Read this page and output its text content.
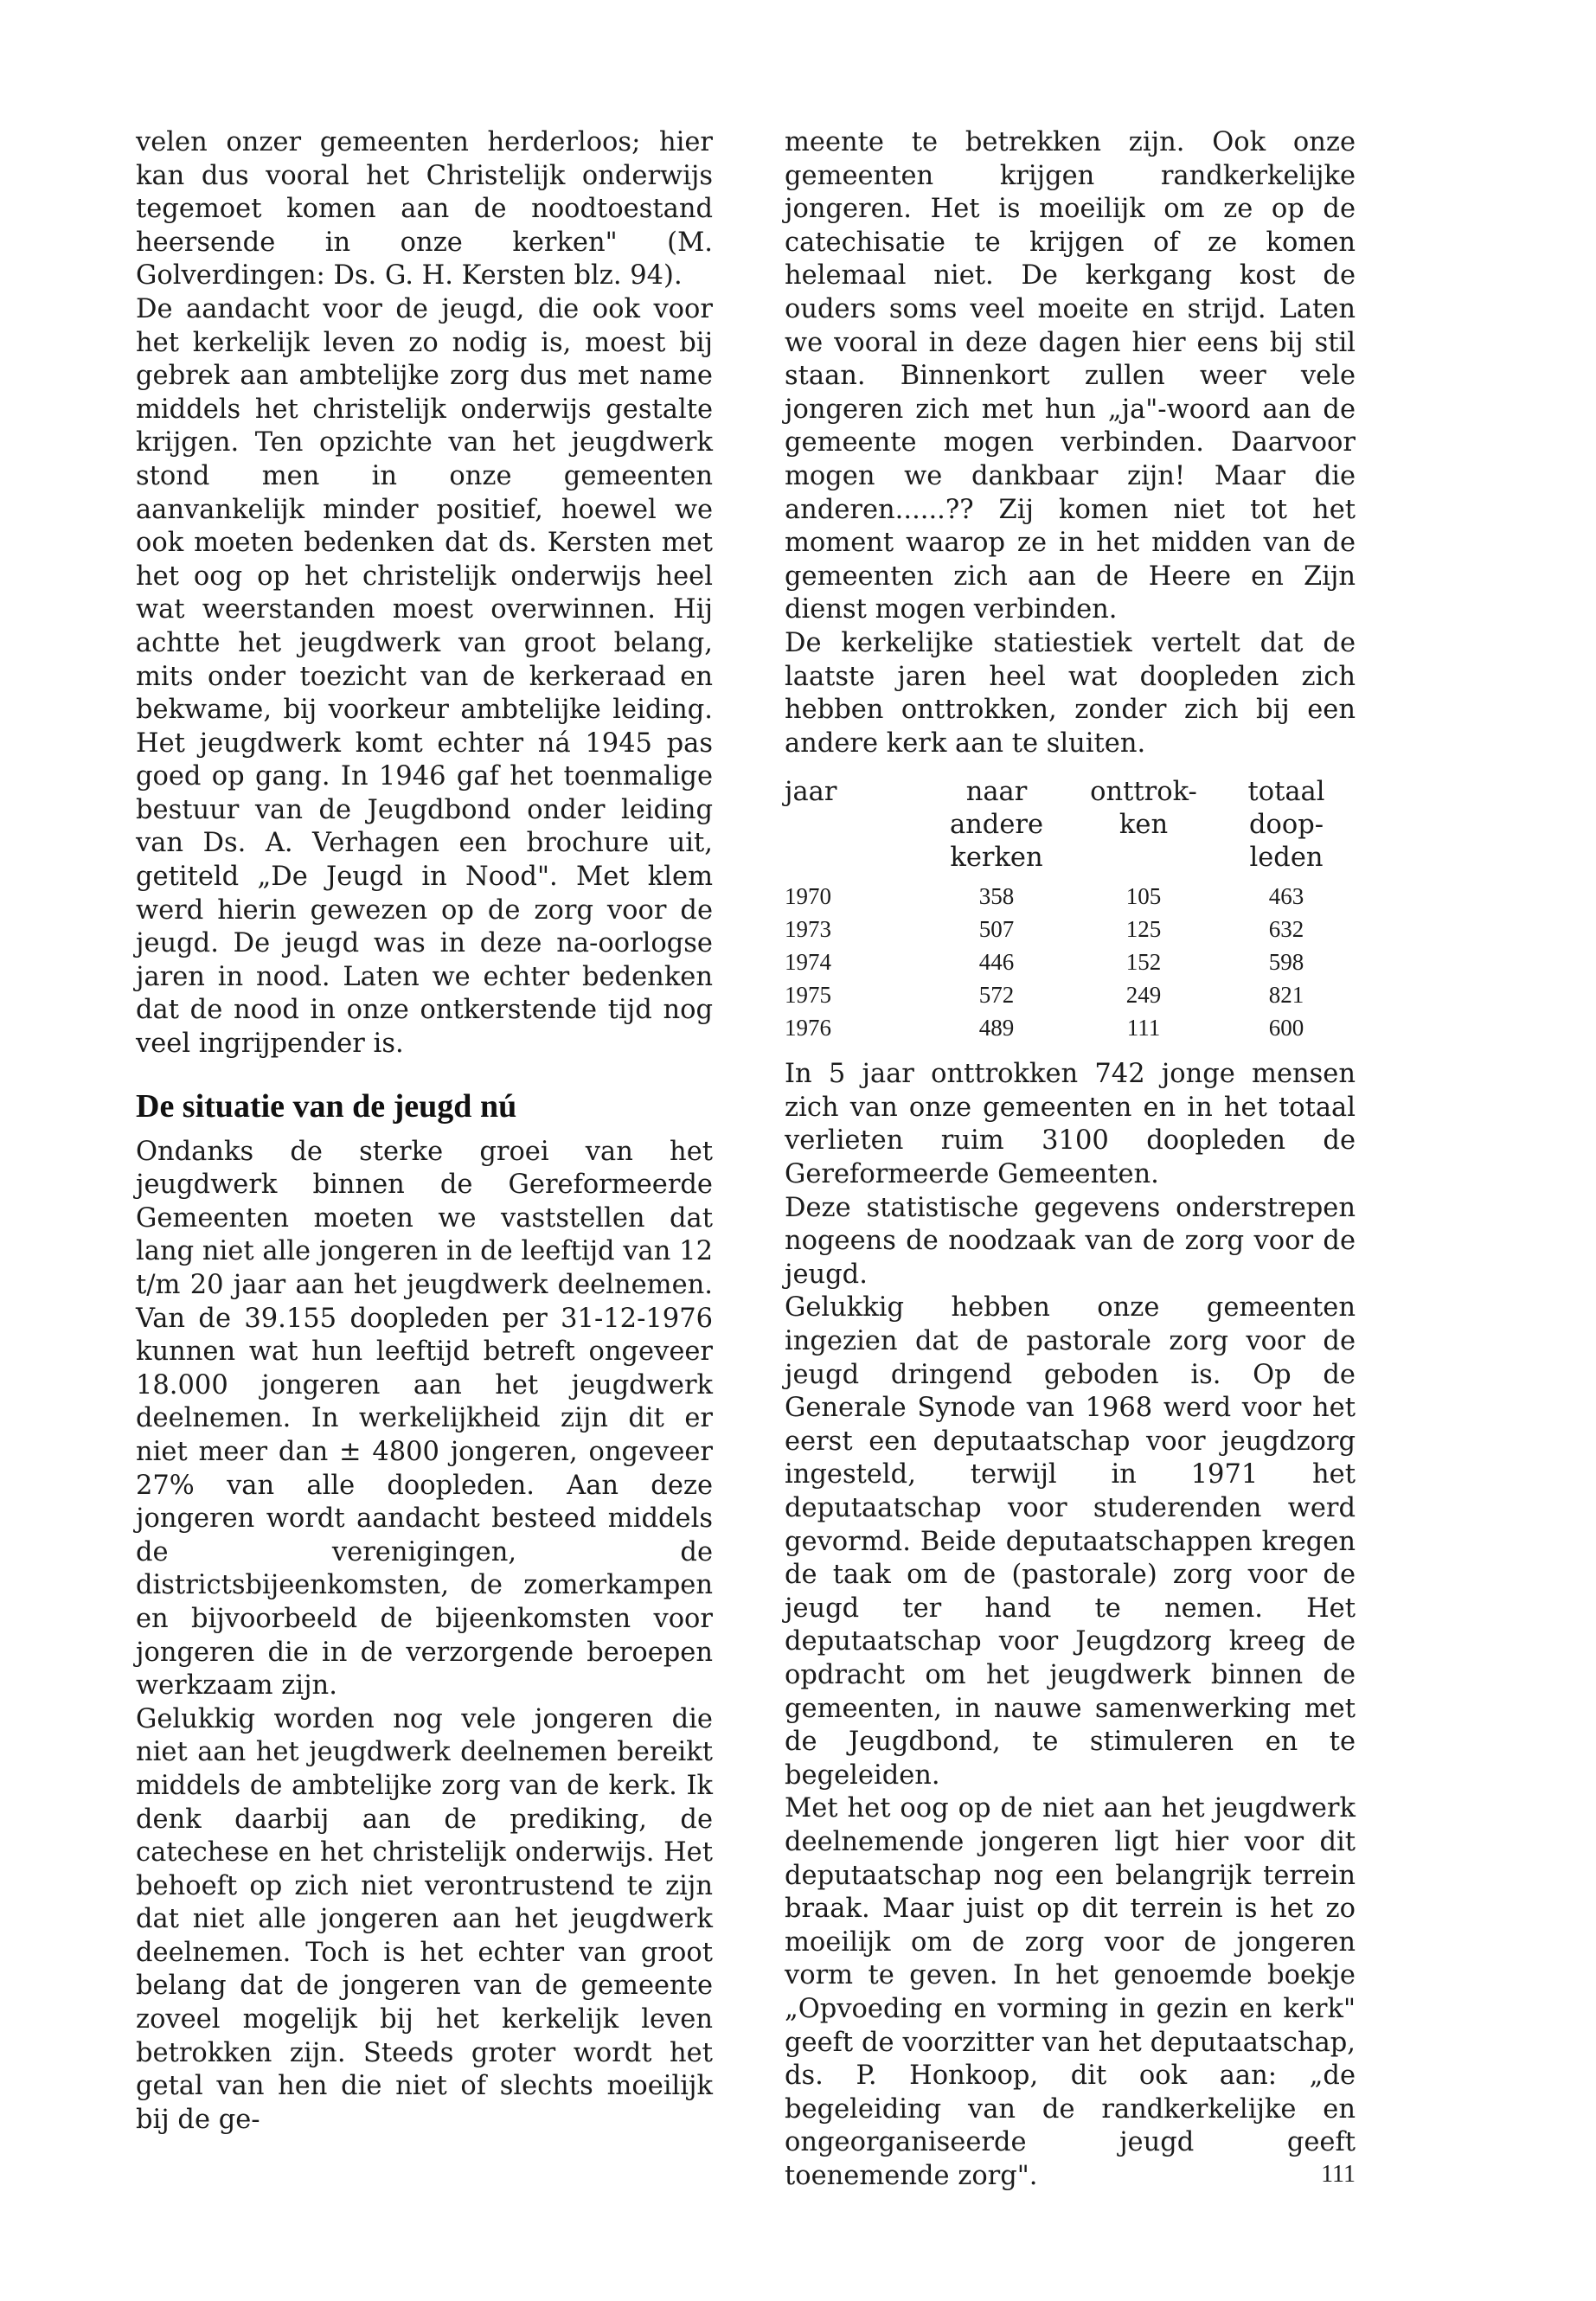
velen onzer gemeenten herderloos; hier kan dus vooral het Christelijk onderwijs tegemoet komen aan de noodtoestand heersende in onze kerken" (M. Golverdingen: Ds. G. H. Kersten blz. 94).

De aandacht voor de jeugd, die ook voor het kerkelijk leven zo nodig is, moest bij gebrek aan ambtelijke zorg dus met name middels het christelijk onderwijs gestalte krijgen. Ten opzichte van het jeugdwerk stond men in onze gemeenten aanvankelijk minder positief, hoewel we ook moeten bedenken dat ds. Kersten met het oog op het christelijk onderwijs heel wat weerstanden moest overwinnen. Hij achtte het jeugdwerk van groot belang, mits onder toezicht van de kerkeraad en bekwame, bij voorkeur ambtelijke leiding. Het jeugdwerk komt echter ná 1945 pas goed op gang. In 1946 gaf het toenmalige bestuur van de Jeugdbond onder leiding van Ds. A. Verhagen een brochure uit, getiteld „De Jeugd in Nood". Met klem werd hierin gewezen op de zorg voor de jeugd. De jeugd was in deze na-oorlogse jaren in nood. Laten we echter bedenken dat de nood in onze ontkerstende tijd nog veel ingrijpender is.

De situatie van de jeugd nú

Ondanks de sterke groei van het jeugdwerk binnen de Gereformeerde Gemeenten moeten we vaststellen dat lang niet alle jongeren in de leeftijd van 12 t/m 20 jaar aan het jeugdwerk deelnemen. Van de 39.155 doopleden per 31-12-1976 kunnen wat hun leeftijd betreft ongeveer 18.000 jongeren aan het jeugdwerk deelnemen. In werkelijkheid zijn dit er niet meer dan ± 4800 jongeren, ongeveer 27% van alle doopleden. Aan deze jongeren wordt aandacht besteed middels de verenigingen, de districtsbijeenkomsten, de zomerkampen en bijvoorbeeld de bijeenkomsten voor jongeren die in de verzorgende beroepen werkzaam zijn.

Gelukkig worden nog vele jongeren die niet aan het jeugdwerk deelnemen bereikt middels de ambtelijke zorg van de kerk. Ik denk daarbij aan de prediking, de catechese en het christelijk onderwijs. Het behoeft op zich niet verontrustend te zijn dat niet alle jongeren aan het jeugdwerk deelnemen. Toch is het echter van groot belang dat de jongeren van de gemeente zoveel mogelijk bij het kerkelijk leven betrokken zijn. Steeds groter wordt het getal van hen die niet of slechts moeilijk bij de ge-

meente te betrekken zijn. Ook onze gemeenten krijgen randkerkelijke jongeren. Het is moeilijk om ze op de catechisatie te krijgen of ze komen helemaal niet. De kerkgang kost de ouders soms veel moeite en strijd. Laten we vooral in deze dagen hier eens bij stil staan. Binnenkort zullen weer vele jongeren zich met hun „ja"-woord aan de gemeente mogen verbinden. Daarvoor mogen we dankbaar zijn! Maar die anderen......?? Zij komen niet tot het moment waarop ze in het midden van de gemeenten zich aan de Heere en Zijn dienst mogen verbinden.

De kerkelijke statiestiek vertelt dat de laatste jaren heel wat doopleden zich hebben onttrokken, zonder zich bij een andere kerk aan te sluiten.

jaar	naar	onttrok-	totaal
	andere	ken	doop-
	kerken		leden
1970	358	105	463
1973	507	125	632
1974	446	152	598
1975	572	249	821
1976	489	111	600

In 5 jaar onttrokken 742 jonge mensen zich van onze gemeenten en in het totaal verlieten ruim 3100 doopleden de Gereformeerde Gemeenten.

Deze statistische gegevens onderstrepen nogeens de noodzaak van de zorg voor de jeugd.

Gelukkig hebben onze gemeenten ingezien dat de pastorale zorg voor de jeugd dringend geboden is. Op de Generale Synode van 1968 werd voor het eerst een deputaatschap voor jeugdzorg ingesteld, terwijl in 1971 het deputaatschap voor studerenden werd gevormd. Beide deputaatschappen kregen de taak om de (pastorale) zorg voor de jeugd ter hand te nemen. Het deputaatschap voor Jeugdzorg kreeg de opdracht om het jeugdwerk binnen de gemeenten, in nauwe samenwerking met de Jeugdbond, te stimuleren en te begeleiden.

Met het oog op de niet aan het jeugdwerk deelnemende jongeren ligt hier voor dit deputaatschap nog een belangrijk terrein braak. Maar juist op dit terrein is het zo moeilijk om de zorg voor de jongeren vorm te geven. In het genoemde boekje „Opvoeding en vorming in gezin en kerk" geeft de voorzitter van het deputaatschap, ds. P. Honkoop, dit ook aan: „de begeleiding van de randkerkelijke en ongeorganiseerde jeugd geeft toenemende zorg".	111
